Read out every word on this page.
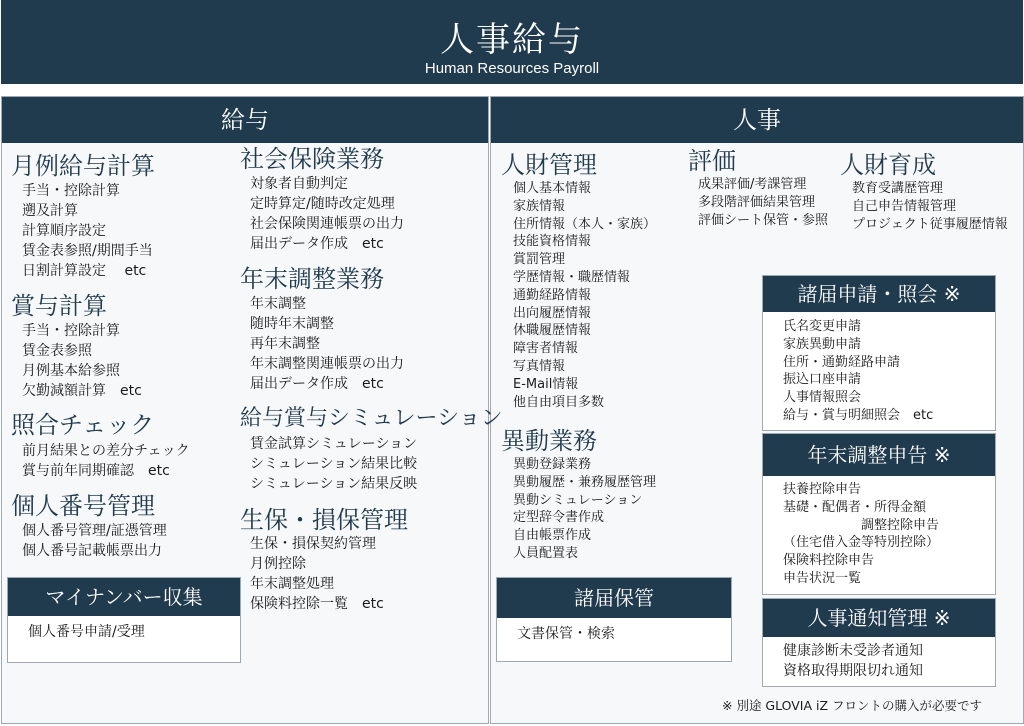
人事給与
Human Resources Payroll
給与	人事
月例給与計算
手当・控除計算
遡及計算
計算順序設定
賃金表参照/期間手当
日割計算設定　 etc
賞与計算
手当・控除計算
賃金表参照
月例基本給参照
欠勤減額計算　etc
照合チェック
前月結果との差分チェック
賞与前年同期確認　etc
個人番号管理
個人番号管理/証憑管理
個人番号記載帳票出力
マイナンバー収集
個人番号申請/受理
社会保険業務
対象者自動判定
定時算定/随時改定処理
社会保険関連帳票の出力
届出データ作成　etc
年末調整業務
年末調整
随時年末調整
再年末調整
年末調整関連帳票の出力
届出データ作成　etc
給与賞与シミュレーション
賃金試算シミュレーション
シミュレーション結果比較
シミュレーション結果反映
生保・損保管理
生保・損保契約管理
月例控除
年末調整処理
保険料控除一覧　etc
人財管理
個人基本情報
家族情報
住所情報（本人・家族）
技能資格情報
賞罰管理
学歴情報・職歴情報
通勤経路情報
出向履歴情報
休職履歴情報
障害者情報
写真情報
E-Mail情報
他自由項目多数
異動業務
異動登録業務
異動履歴・兼務履歴管理
異動シミュレーション
定型辞令書作成
自由帳票作成
人員配置表
諸届保管
文書保管・検索
評価
成果評価/考課管理
多段階評価結果管理
評価シート保管・参照
人財育成
教育受講歴管理
自己申告情報管理
プロジェクト従事履歴情報
諸届申請・照会 ※
氏名変更申請
家族異動申請
住所・通勤経路申請
振込口座申請
人事情報照会
給与・賞与明細照会　etc
年末調整申告 ※
扶養控除申告
基礎・配偶者・所得金額
　　　　　　調整控除申告
（住宅借入金等特別控除）
保険料控除申告
申告状況一覧
人事通知管理 ※
健康診断未受診者通知
資格取得期限切れ通知
※ 別途 GLOVIA iZ フロントの購入が必要です
